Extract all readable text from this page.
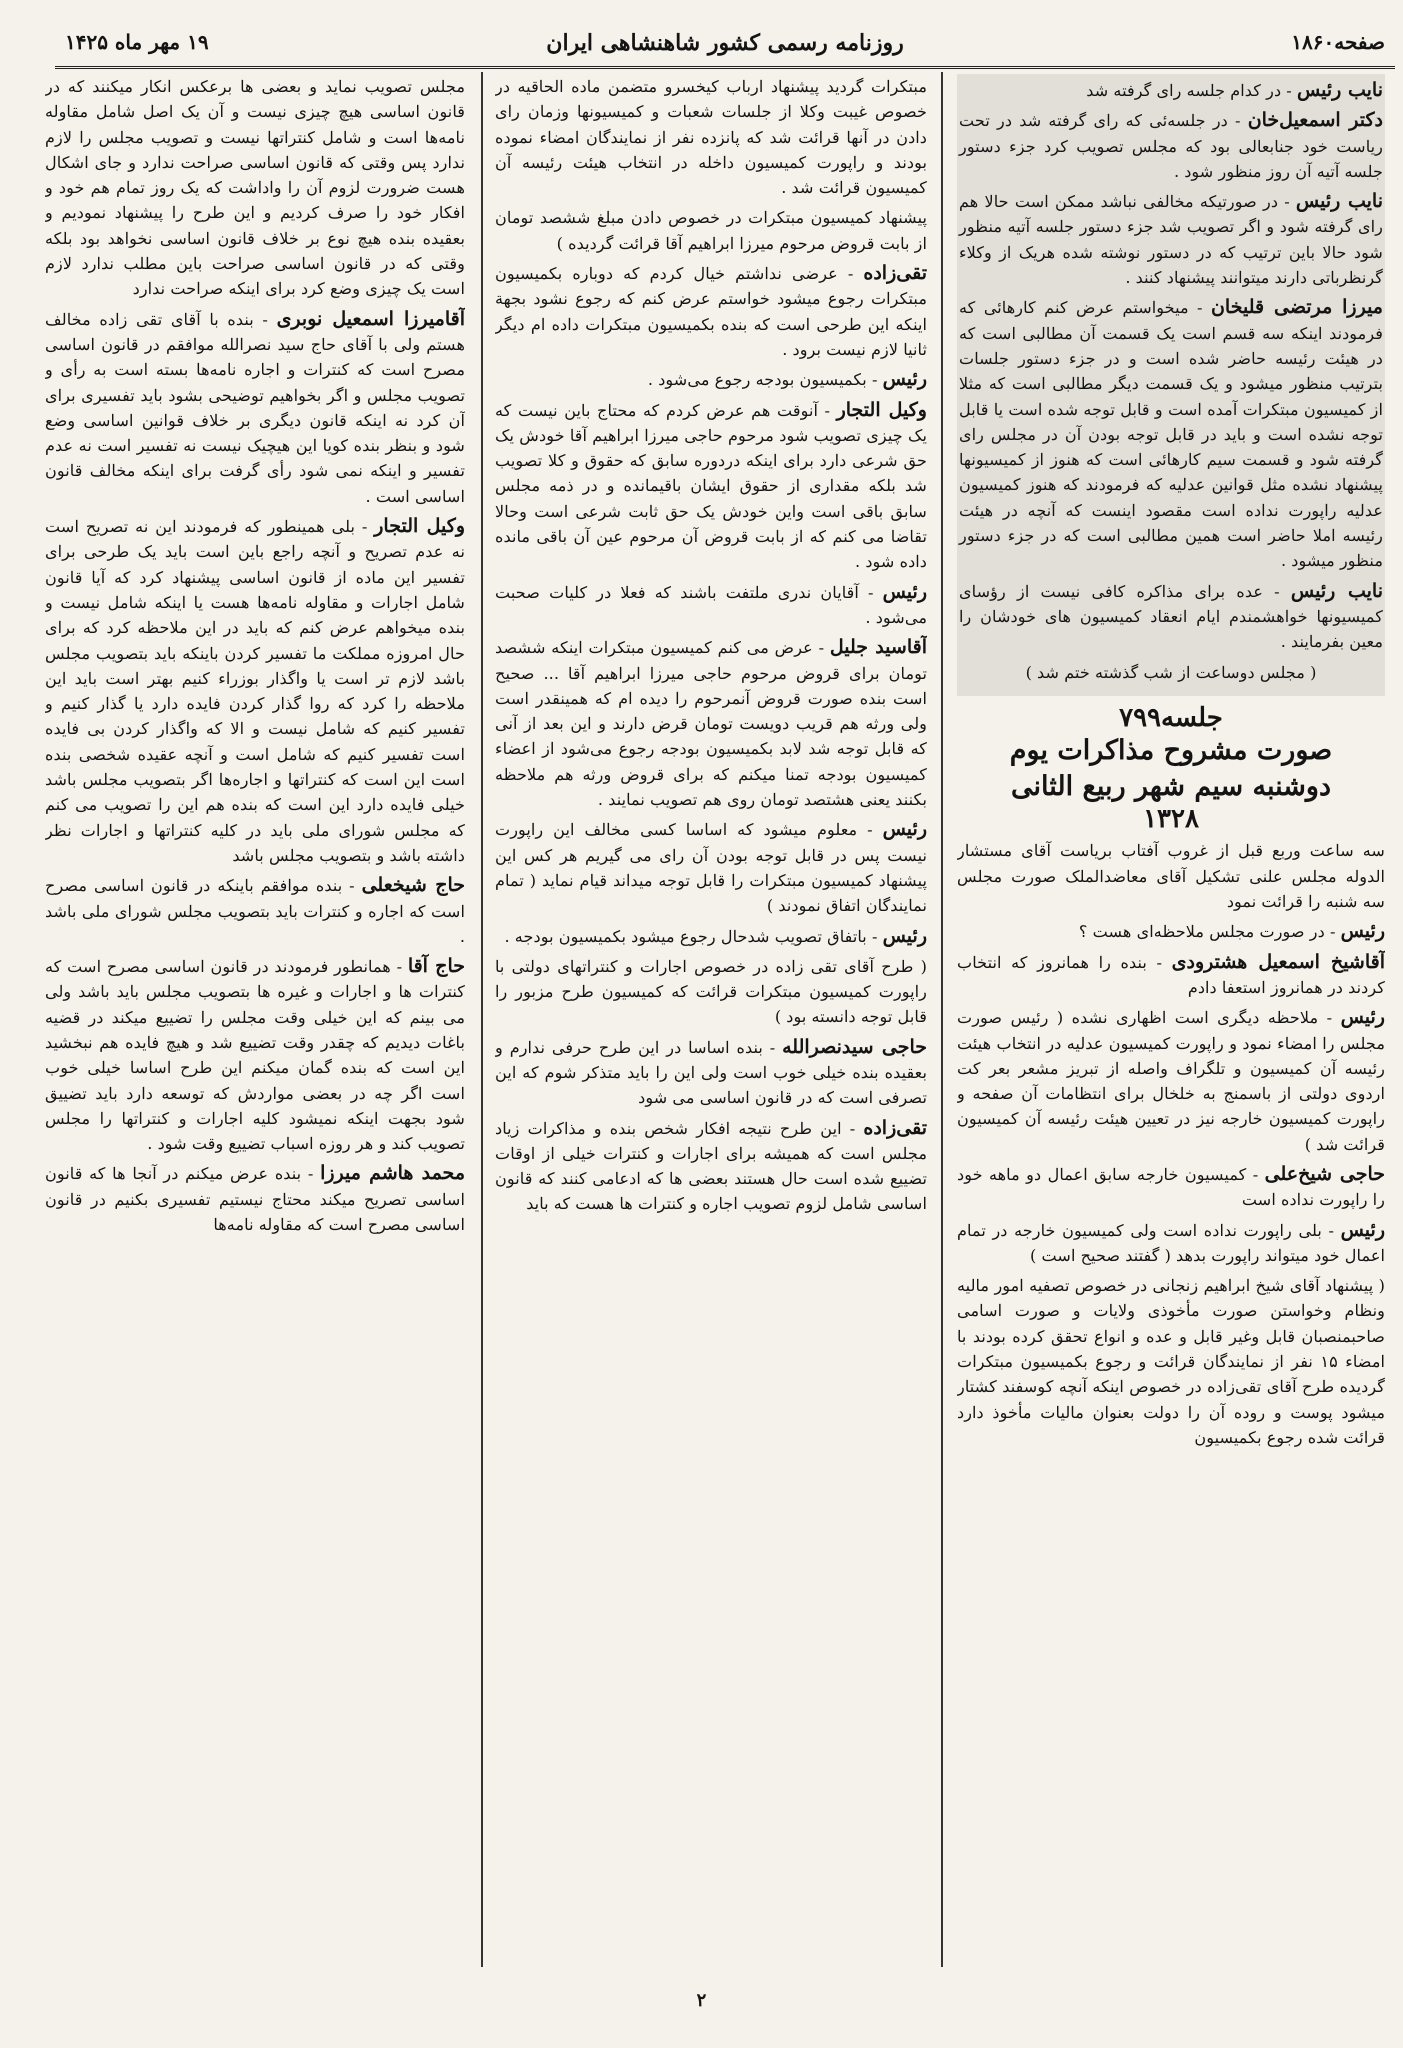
صفحه۱۸۶۰
روزنامه رسمی کشور شاهنشاهی ایران
۱۹ مهر ماه ۱۴۲۵

نایب رئیس - در کدام جلسه رای گرفته شد

دکتر اسمعیل‌خان - در جلسه‌ئی که رای گرفته شد در تحت ریاست خود جنابعالی بود که مجلس تصویب کرد جزء دستور جلسه آتیه آن روز منظور شود .

نایب رئیس - در صورتیکه مخالفی نباشد ممکن است حالا هم رای گرفته شود و اگر تصویب شد جزء دستور جلسه آتیه منظور شود حالا باین ترتیب که در دستور نوشته شده هریک از وکلاء گرنظرباتی دارند میتوانند پیشنهاد کنند .

میرزا مرتضی قلیخان - میخواستم عرض کنم کارهائی که فرمودند اینکه سه قسم است یک قسمت آن مطالبی است که در هیئت رئیسه حاضر شده است و در جزء دستور جلسات بترتیب منظور میشود و یک قسمت دیگر مطالبی است که مثلا از کمیسیون مبتکرات آمده است و قابل توجه شده است یا قابل توجه نشده است و باید در قابل توجه بودن آن در مجلس رای گرفته شود و قسمت سیم کارهائی است که هنوز از کمیسیونها پیشنهاد نشده مثل قوانین عدلیه که فرمودند که هنوز کمیسیون عدلیه راپورت نداده است مقصود اینست که آنچه در هیئت رئیسه املا حاضر است همین مطالبی است که در جزء دستور منظور میشود .

نایب رئیس - عده برای مذاکره کافی نیست از رؤسای کمیسیونها خواهشمندم ایام انعقاد کمیسیون های خودشان را معین بفرمایند .

( مجلس دوساعت از شب گذشته ختم شد )

جلسه۷۹۹

صورت مشروح مذاکرات یوم

دوشنبه سیم شهر ربیع الثانی

۱۳۲۸

سه ساعت وربع قبل از غروب آفتاب بریاست آقای مستشار الدوله مجلس علنی تشکیل آقای معاضدالملک صورت مجلس سه شنبه را قرائت نمود

رئیس - در صورت مجلس ملاحظه‌ای هست ؟

آقاشیخ اسمعیل هشترودی - بنده را همانروز که انتخاب کردند در همانروز استعفا دادم

رئیس - ملاحظه دیگری است اظهاری نشده ( رئیس صورت مجلس را امضاء نمود و راپورت کمیسیون عدلیه در انتخاب هیئت رئیسه آن کمیسیون و تلگراف واصله از تبریز مشعر بعر کت اردوی دولتی از باسمنج به خلخال برای انتظامات آن صفحه و راپورت کمیسیون خارجه نیز در تعیین هیئت رئیسه آن کمیسیون قرائت شد )

حاجی شیخ‌علی - کمیسیون خارجه سابق اعمال دو ماهه خود را راپورت نداده است

رئیس - بلی راپورت نداده است ولی کمیسیون خارجه در تمام اعمال خود میتواند راپورت بدهد ( گفتند صحیح است )

( پیشنهاد آقای شیخ ابراهیم زنجانی در خصوص تصفیه امور مالیه ونظام وخواستن صورت مأخوذی ولایات و صورت اسامی صاحبمنصبان قابل وغیر قابل و عده و انواع تحقق کرده بودند با امضاء ۱۵ نفر از نمایندگان قرائت و رجوع بکمیسیون مبتکرات گردیده طرح آقای تقی‌زاده در خصوص اینکه آنچه کوسفند کشتار میشود پوست و روده آن را دولت بعنوان مالیات مأخوذ دارد قرائت شده رجوع بکمیسیون

مبتکرات گردید پیشنهاد ارباب کیخسرو متضمن ماده الحاقیه در خصوص غیبت وکلا از جلسات شعبات و کمیسیونها وزمان رای دادن در آنها قرائت شد که پانزده نفر از نمایندگان امضاء نموده بودند و راپورت کمیسیون داخله در انتخاب هیئت رئیسه آن کمیسیون قرائت شد .

پیشنهاد کمیسیون مبتکرات در خصوص دادن مبلغ ششصد تومان از بابت قروض مرحوم میرزا ابراهیم آقا قرائت گردیده )

تقی‌زاده - عرضی نداشتم خیال کردم که دوباره بکمیسیون مبتکرات رجوع میشود خواستم عرض کنم که رجوع نشود بجهة اینکه این طرحی است که بنده بکمیسیون مبتکرات داده ام دیگر ثانیا لازم نیست برود .

رئیس - بکمیسیون بودجه رجوع می‌شود .

وکیل التجار - آنوقت هم عرض کردم که محتاج باین نیست که یک چیزی تصویب شود مرحوم حاجی میرزا ابراهیم آقا خودش یک حق شرعی دارد برای اینکه دردوره سابق که حقوق و کلا تصویب شد بلکه مقداری از حقوق ایشان باقیمانده و در ذمه مجلس سابق باقی است واین خودش یک حق ثابت شرعی است وحالا تقاضا می کنم که از بابت قروض آن مرحوم عین آن باقی مانده داده شود .

رئیس - آقایان ندری ملتفت باشند که فعلا در کلیات صحبت می‌شود .

آقاسید جلیل - عرض می کنم کمیسیون مبتکرات اینکه ششصد تومان برای قروض مرحوم حاجی میرزا ابراهیم آقا ... صحیح است بنده صورت قروض آنمرحوم را دیده ام که همینقدر است ولی ورثه هم قریب دویست تومان قرض دارند و این بعد از آنی که قابل توجه شد لابد بکمیسیون بودجه رجوع می‌شود از اعضاء کمیسیون بودجه تمنا میکنم که برای قروض ورثه هم ملاحظه بکنند یعنی هشتصد تومان روی هم تصویب نمایند .

رئیس - معلوم میشود که اساسا کسی مخالف این راپورت نیست پس در قابل توجه بودن آن رای می گیریم هر کس این پیشنهاد کمیسیون مبتکرات را قابل توجه میداند قیام نماید ( تمام نمایندگان اتفاق نمودند )

رئیس - باتفاق تصویب شدحال رجوع میشود بکمیسیون بودجه .

( طرح آقای تقی زاده در خصوص اجارات و کنتراتهای دولتی با راپورت کمیسیون مبتکرات قرائت که کمیسیون طرح مزبور را قابل توجه دانسته بود )

حاجی سیدنصرالله - بنده اساسا در این طرح حرفی ندارم و بعقیده بنده خیلی خوب است ولی این را باید متذکر شوم که این تصرفی است که در قانون اساسی می شود

تقی‌زاده - این طرح نتیجه افکار شخص بنده و مذاکرات زیاد مجلس است که همیشه برای اجارات و کنترات خیلی از اوقات تضییع شده است حال هستند بعضی ها که ادعامی کنند که قانون اساسی شامل لزوم تصویب اجاره و کنترات ها هست که باید

مجلس تصویب نماید و بعضی ها برعکس انکار میکنند که در قانون اساسی هیچ چیزی نیست و آن یک اصل شامل مقاوله نامه‌ها است و شامل کنتراتها نیست و تصویب مجلس را لازم ندارد پس وقتی که قانون اساسی صراحت ندارد و جای اشکال هست ضرورت لزوم آن را واداشت که یک روز تمام هم خود و افکار خود را صرف کردیم و این طرح را پیشنهاد نمودیم و بعقیده بنده هیچ نوع بر خلاف قانون اساسی نخواهد بود بلکه وقتی که در قانون اساسی صراحت باین مطلب ندارد لازم است یک چیزی وضع کرد برای اینکه صراحت ندارد

آقامیرزا اسمعیل نوبری - بنده با آقای تقی زاده مخالف هستم ولی با آقای حاج سید نصرالله موافقم در قانون اساسی مصرح است که کنترات و اجاره نامه‌ها بسته است به رأی و تصویب مجلس و اگر بخواهیم توضیحی بشود باید تفسیری برای آن کرد نه اینکه قانون دیگری بر خلاف قوانین اساسی وضع شود و بنظر بنده کویا این هیچیک نیست نه تفسیر است نه عدم تفسیر و اینکه نمی شود رأی گرفت برای اینکه مخالف قانون اساسی است .

وکیل التجار - بلی همینطور که فرمودند این نه تصریح است نه عدم تصریح و آنچه راجع باین است باید یک طرحی برای تفسیر این ماده از قانون اساسی پیشنهاد کرد که آیا قانون شامل اجارات و مقاوله نامه‌ها هست یا اینکه شامل نیست و بنده میخواهم عرض کنم که باید در این ملاحظه کرد که برای حال امروزه مملکت ما تفسیر کردن باینکه باید بتصویب مجلس باشد لازم تر است یا واگذار بوزراء کنیم بهتر است باید این ملاحظه را کرد که روا گذار کردن فایده دارد یا گذار کنیم و تفسیر کنیم که شامل نیست و الا که واگذار کردن بی فایده است تفسیر کنیم که شامل است و آنچه عقیده شخصی بنده است این است که کنتراتها و اجاره‌ها اگر بتصویب مجلس باشد خیلی فایده دارد این است که بنده هم این را تصویب می کنم که مجلس شورای ملی باید در کلیه کنتراتها و اجارات نظر داشته باشد و بتصویب مجلس باشد

حاج شیخعلی - بنده موافقم باینکه در قانون اساسی مصرح است که اجاره و کنترات باید بتصویب مجلس شورای ملی باشد .

حاج آقا - همانطور فرمودند در قانون اساسی مصرح است که کنترات ها و اجارات و غیره ها بتصویب مجلس باید باشد ولی می بینم که این خیلی وقت مجلس را تضییع میکند در قضیه باغات دیدیم که چقدر وقت تضییع شد و هیچ فایده هم نبخشید این است که بنده گمان میکنم این طرح اساسا خیلی خوب است اگر چه در بعضی مواردش که توسعه دارد باید تضییق شود بجهت اینکه نمیشود کلیه اجارات و کنتراتها را مجلس تصویب کند و هر روزه اسباب تضییع وقت شود .

محمد هاشم میرزا - بنده عرض میکنم در آنجا ها که قانون اساسی تصریح میکند محتاج نیستیم تفسیری بکنیم در قانون اساسی مصرح است که مقاوله نامه‌ها

۲
